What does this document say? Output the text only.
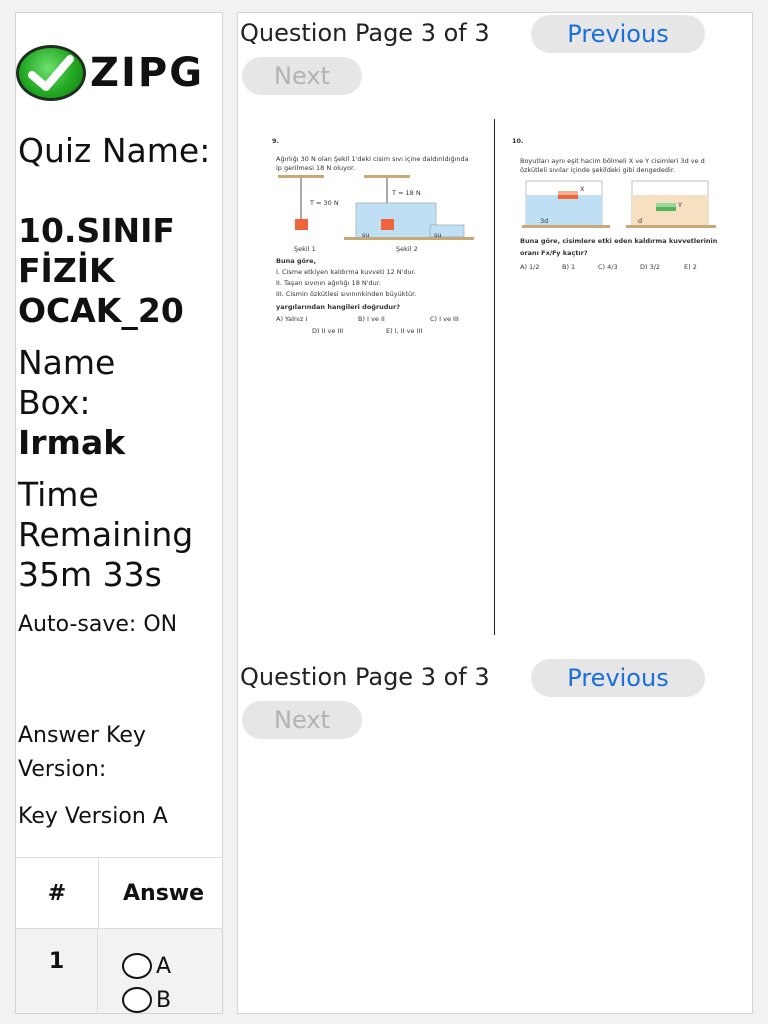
ZIPG
Quiz Name:
10.SINIF
FİZİK
OCAK_20
Name
Box:
Irmak
Time
Remaining
35m 33s
Auto-save: ON
Answer Key
Version:
Key Version A
#	Answe
1	A
B
Question Page 3 of 3	Previous
Next
9.
Ağırlığı 30 N olan Şekil 1'deki cisim sıvı içine daldırıldığında
ip gerilmesi 18 N oluyor.
T = 30 N
T = 18 N
su	su
Şekil 1	Şekil 2
Buna göre,
I. Cisme etkiyen kaldırma kuvveti 12 N'dur.
II. Taşan sıvının ağırlığı 18 N'dur.
III. Cismin özkütlesi sıvınınkinden büyüktür.
yargılarından hangileri doğrudur?
A) Yalnız I	B) I ve II	C) I ve III
D) II ve III	E) I, II ve III
10.
Boyutları aynı eşit hacim bölmeli X ve Y cisimleri 3d ve d
özkütleli sıvılar içinde şekildeki gibi dengededir.
X
Y
3d	d
Buna göre, cisimlere etki eden kaldırma kuvvetlerinin
oranı Fx/Fy kaçtır?
A) 1/2	B) 1	C) 4/3	D) 3/2	E) 2
Question Page 3 of 3	Previous
Next
